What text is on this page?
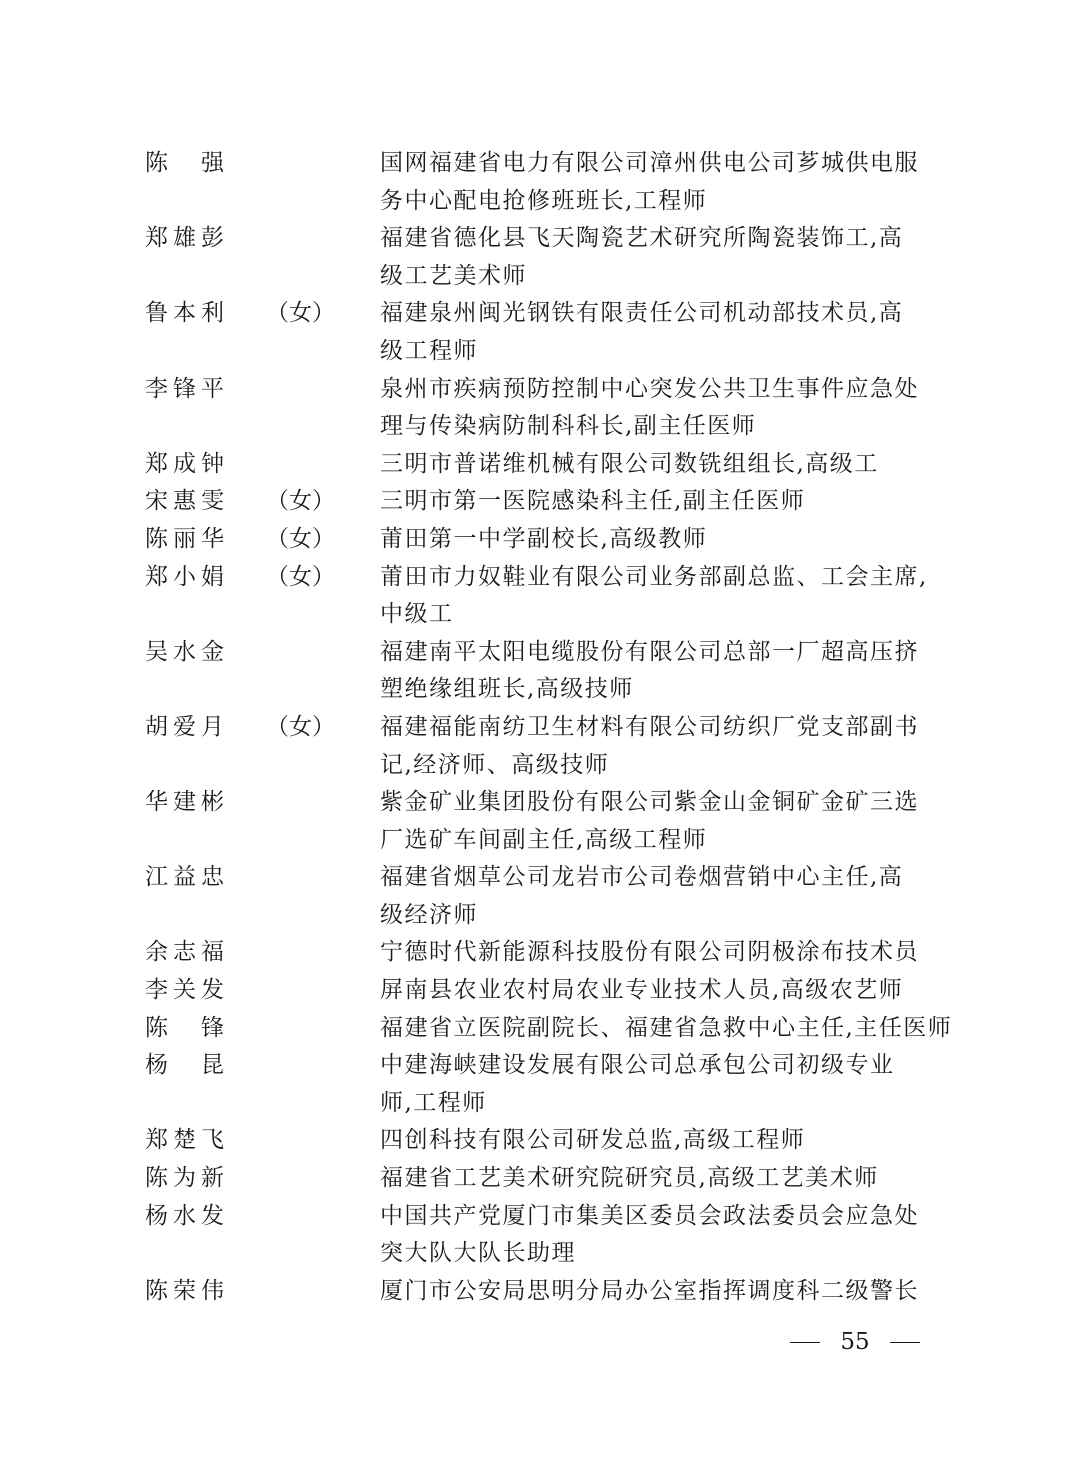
陈　强	国网福建省电力有限公司漳州供电公司芗城供电服
务中心配电抢修班班长,工程师
郑雄彭	福建省德化县飞天陶瓷艺术研究所陶瓷装饰工,高
级工艺美术师
鲁本利 （女） 福建泉州闽光钢铁有限责任公司机动部技术员,高
级工程师
李锋平	泉州市疾病预防控制中心突发公共卫生事件应急处
理与传染病防制科科长,副主任医师
郑成钟	三明市普诺维机械有限公司数铣组组长,高级工
宋惠雯 （女） 三明市第一医院感染科主任,副主任医师
陈丽华 （女） 莆田第一中学副校长,高级教师
郑小娟 （女） 莆田市力奴鞋业有限公司业务部副总监、工会主席,
中级工
吴水金	福建南平太阳电缆股份有限公司总部一厂超高压挤
塑绝缘组班长,高级技师
胡爱月 （女） 福建福能南纺卫生材料有限公司纺织厂党支部副书
记,经济师、高级技师
华建彬	紫金矿业集团股份有限公司紫金山金铜矿金矿三选
厂选矿车间副主任,高级工程师
江益忠	福建省烟草公司龙岩市公司卷烟营销中心主任,高
级经济师
余志福	宁德时代新能源科技股份有限公司阴极涂布技术员
李关发	屏南县农业农村局农业专业技术人员,高级农艺师
陈　锋	福建省立医院副院长、福建省急救中心主任,主任医师
杨　昆	中建海峡建设发展有限公司总承包公司初级专业
师,工程师
郑楚飞	四创科技有限公司研发总监,高级工程师
陈为新	福建省工艺美术研究院研究员,高级工艺美术师
杨水发	中国共产党厦门市集美区委员会政法委员会应急处
突大队大队长助理
陈荣伟	厦门市公安局思明分局办公室指挥调度科二级警长
55
